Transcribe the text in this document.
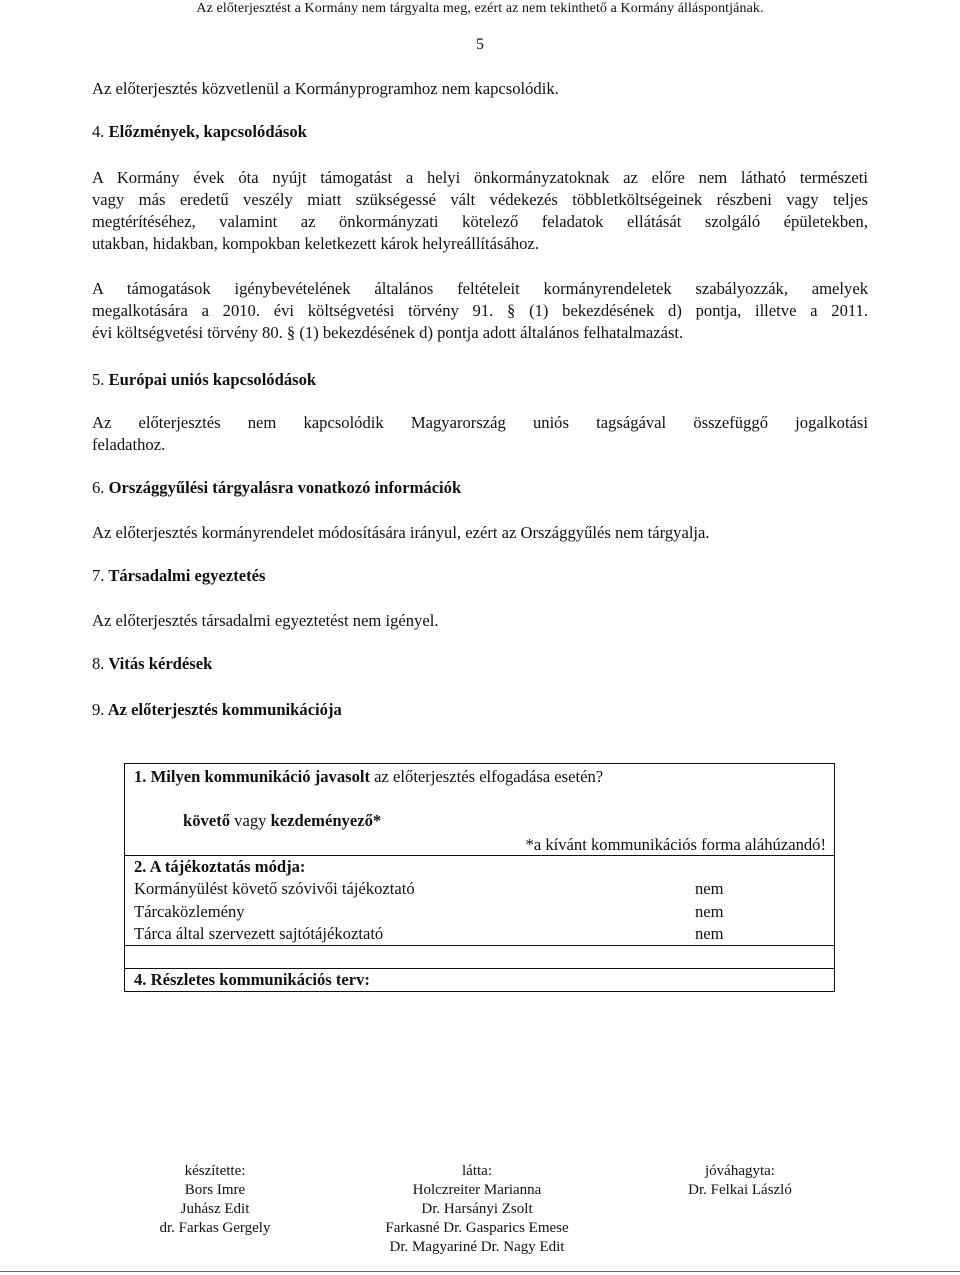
Az előterjesztést a Kormány nem tárgyalta meg, ezért az nem tekinthető a Kormány álláspontjának.
5
Az előterjesztés közvetlenül a Kormányprogramhoz nem kapcsolódik.
4. Előzmények, kapcsolódások
A Kormány évek óta nyújt támogatást a helyi önkormányzatoknak az előre nem látható természeti
vagy más eredetű veszély miatt szükségessé vált védekezés többletköltségeinek részbeni vagy teljes
megtérítéséhez, valamint az önkormányzati kötelező feladatok ellátását szolgáló épületekben,
utakban, hidakban, kompokban keletkezett károk helyreállításához.
A támogatások igénybevételének általános feltételeit kormányrendeletek szabályozzák, amelyek
megalkotására a 2010. évi költségvetési törvény 91. § (1) bekezdésének d) pontja, illetve a 2011.
évi költségvetési törvény 80. § (1) bekezdésének d) pontja adott általános felhatalmazást.
5. Európai uniós kapcsolódások
Az előterjesztés nem kapcsolódik Magyarország uniós tagságával összefüggő jogalkotási
feladathoz.
6. Országgyűlési tárgyalásra vonatkozó információk
Az előterjesztés kormányrendelet módosítására irányul, ezért az Országgyűlés nem tárgyalja.
7. Társadalmi egyeztetés
Az előterjesztés társadalmi egyeztetést nem igényel.
8. Vitás kérdések
9. Az előterjesztés kommunikációja
1. Milyen kommunikáció javasolt az előterjesztés elfogadása esetén?
követő vagy kezdeményező*
*a kívánt kommunikációs forma aláhúzandó!
2. A tájékoztatás módja:
Kormányülést követő szóvivői tájékoztató	nem
Tárcaközlemény	nem
Tárca által szervezett sajtótájékoztató	nem
4. Részletes kommunikációs terv:
készítette:
Bors Imre
Juhász Edit
dr. Farkas Gergely
látta:
Holczreiter Marianna
Dr. Harsányi Zsolt
Farkasné Dr. Gasparics Emese
Dr. Magyariné Dr. Nagy Edit
jóváhagyta:
Dr. Felkai László
